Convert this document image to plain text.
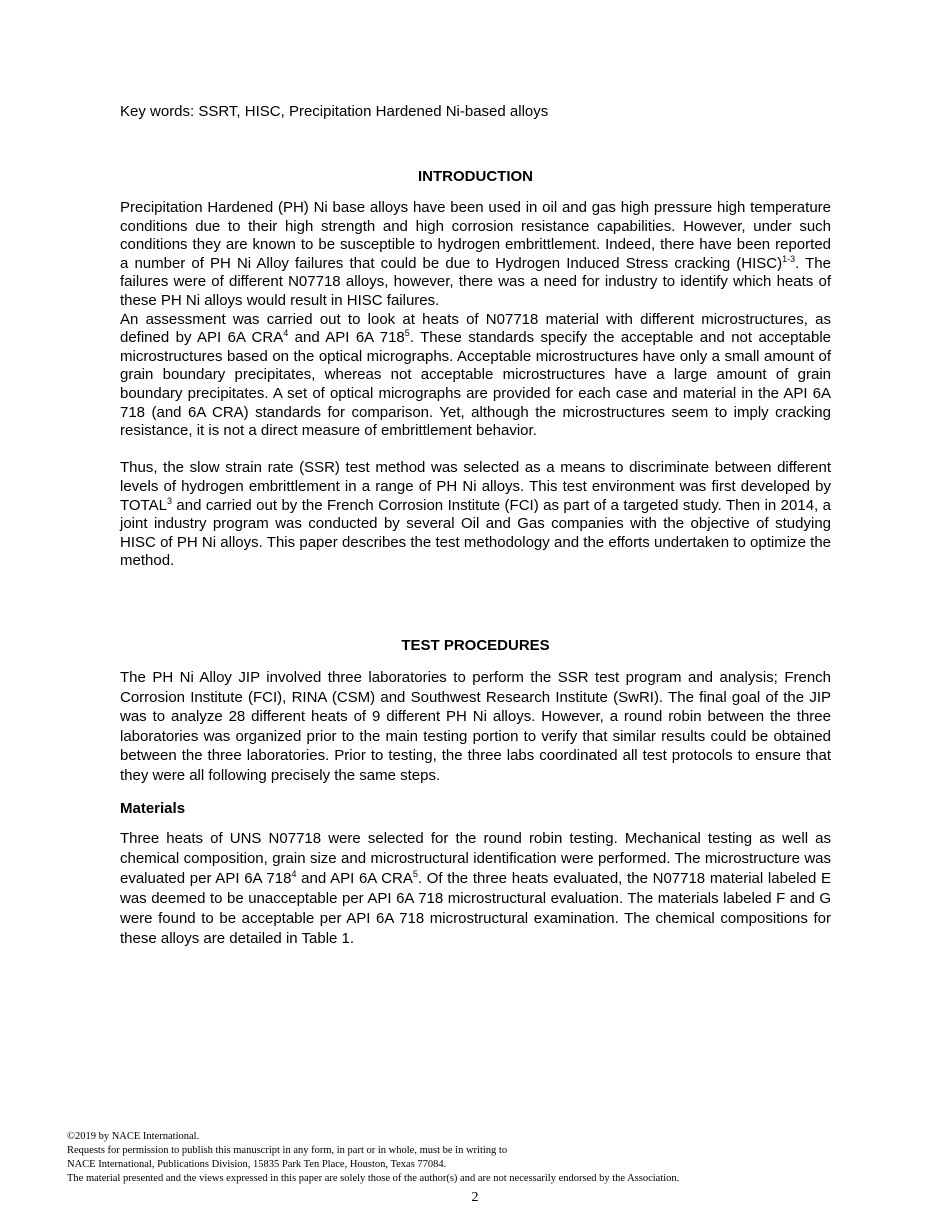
Key words: SSRT, HISC, Precipitation Hardened Ni-based alloys
INTRODUCTION

Precipitation Hardened (PH) Ni base alloys have been used in oil and gas high pressure high temperature conditions due to their high strength and high corrosion resistance capabilities. However, under such conditions they are known to be susceptible to hydrogen embrittlement. Indeed, there have been reported a number of PH Ni Alloy failures that could be due to Hydrogen Induced Stress cracking (HISC)$^{1-3}$. The failures were of different N07718 alloys, however, there was a need for industry to identify which heats of these PH Ni alloys would result in HISC failures.

An assessment was carried out to look at heats of N07718 material with different microstructures, as defined by API 6A CRA$^4$ and API 6A $718^5$. These standards specify the acceptable and not acceptable microstructures based on the optical micrographs. Acceptable microstructures have only a small amount of grain boundary precipitates, whereas not acceptable microstructures have a large amount of grain boundary precipitates. A set of optical micrographs are provided for each case and material in the API 6A 718 (and 6A CRA) standards for comparison. Yet, although the microstructures seem to imply cracking resistance, it is not a direct measure of embrittlement behavior.

Thus, the slow strain rate (SSR) test method was selected as a means to discriminate between different levels of hydrogen embrittlement in a range of PH Ni alloys. This test environment was first developed by TOTAL$^3$ and carried out by the French Corrosion Institute (FCI) as part of a targeted study. Then in 2014, a joint industry program was conducted by several Oil and Gas companies with the objective of studying HISC of PH Ni alloys. This paper describes the test methodology and the efforts undertaken to optimize the method.

TEST PROCEDURES

The PH Ni Alloy JIP involved three laboratories to perform the SSR test program and analysis; French Corrosion Institute (FCI), RINA (CSM) and Southwest Research Institute (SwRI). The final goal of the JIP was to analyze 28 different heats of 9 different PH Ni alloys. However, a round robin between the three laboratories was organized prior to the main testing portion to verify that similar results could be obtained between the three laboratories. Prior to testing, the three labs coordinated all test protocols to ensure that they were all following precisely the same steps.

Materials

Three heats of UNS N07718 were selected for the round robin testing. Mechanical testing as well as chemical composition, grain size and microstructural identification were performed. The microstructure was evaluated per API 6A $718^4$ and API 6A CRA$^5$. Of the three heats evaluated, the N07718 material labeled E was deemed to be unacceptable per API 6A 718 microstructural evaluation. The materials labeled F and G were found to be acceptable per API 6A 718 microstructural examination. The chemical compositions for these alloys are detailed in Table 1.

©2019 by NACE International.
Requests for permission to publish this manuscript in any form, in part or in whole, must be in writing to
NACE International, Publications Division, 15835 Park Ten Place, Houston, Texas 77084.
The material presented and the views expressed in this paper are solely those of the author(s) and are not necessarily endorsed by the Association.
2
